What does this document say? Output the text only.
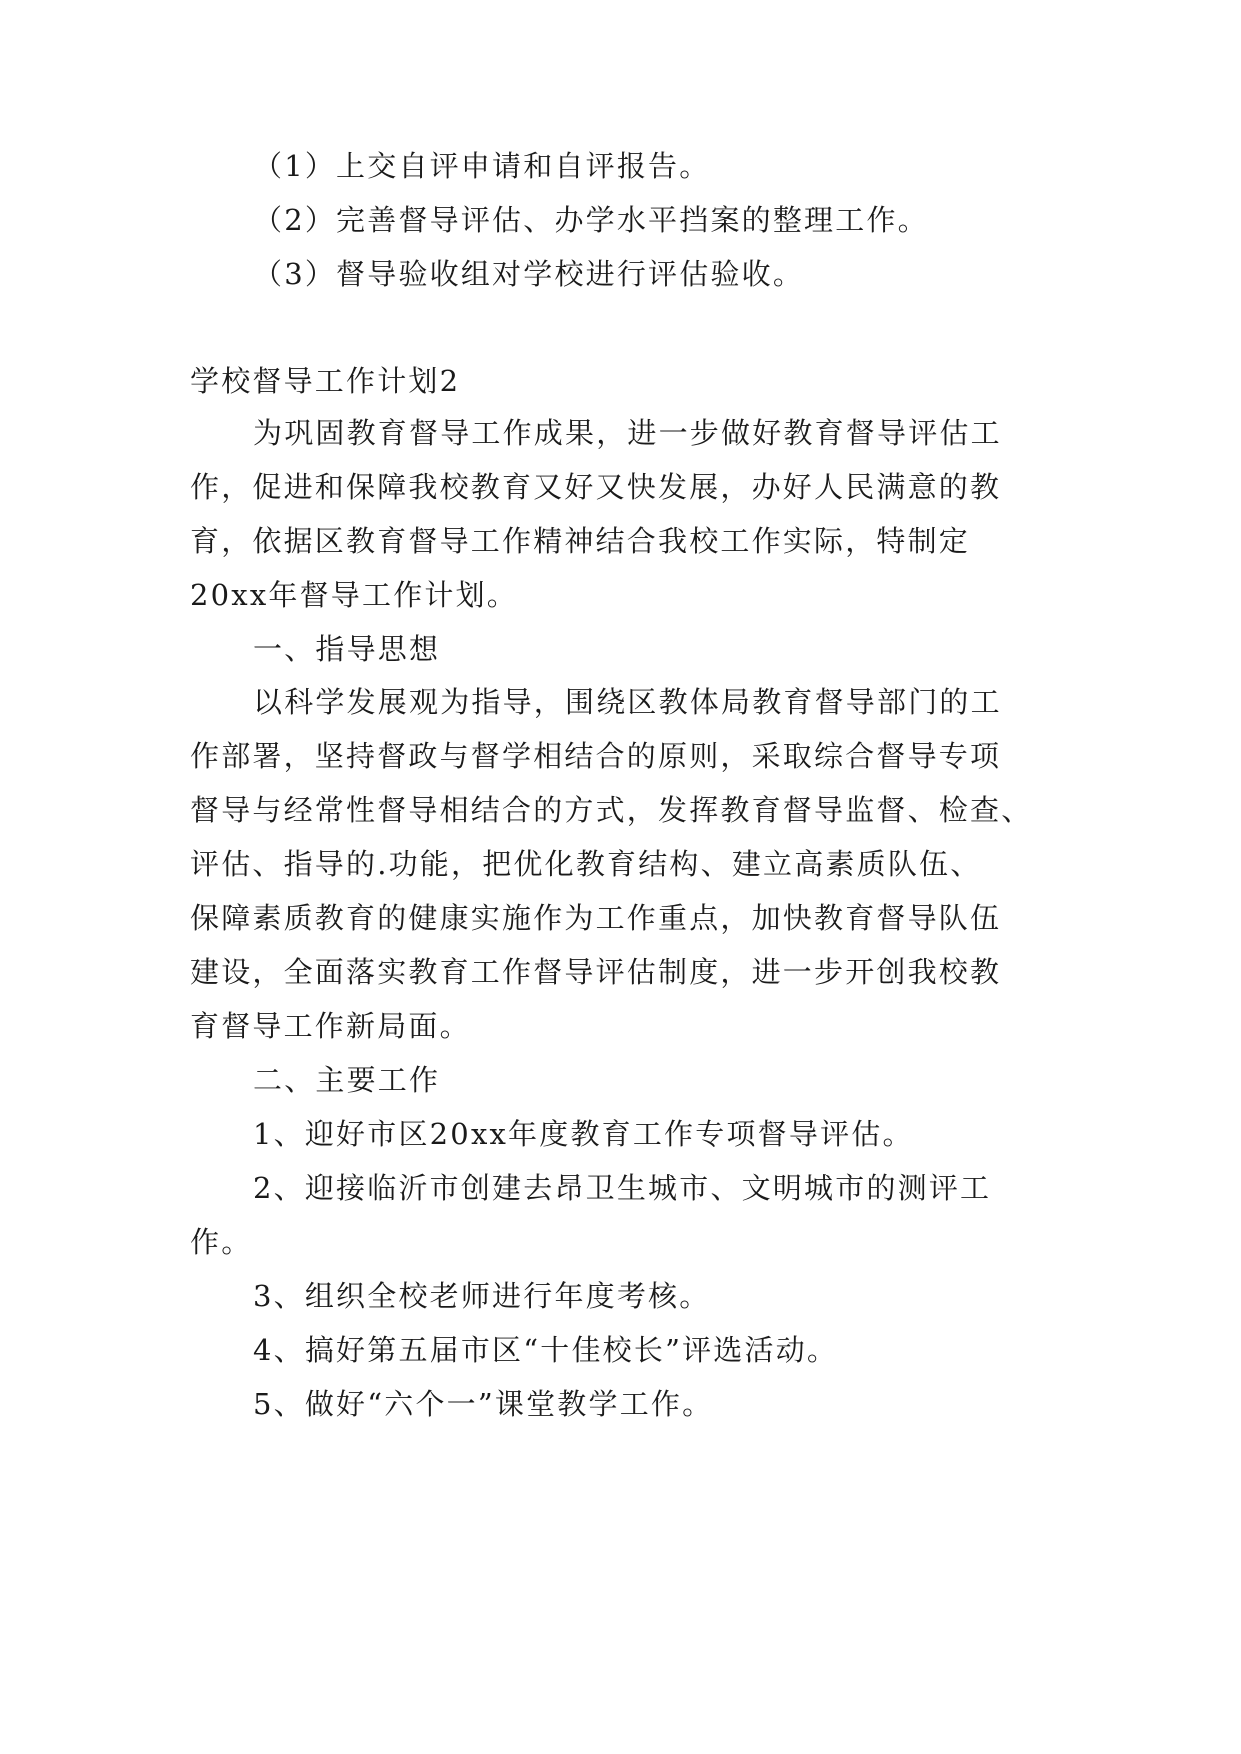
（1）上交自评申请和自评报告。

（2）完善督导评估、办学水平挡案的整理工作。

（3）督导验收组对学校进行评估验收。

学校督导工作计划2

为巩固教育督导工作成果，进一步做好教育督导评估工

作，促进和保障我校教育又好又快发展，办好人民满意的教

育，依据区教育督导工作精神结合我校工作实际，特制定

20xx年督导工作计划。

一、指导思想

以科学发展观为指导，围绕区教体局教育督导部门的工

作部署，坚持督政与督学相结合的原则，采取综合督导专项

督导与经常性督导相结合的方式，发挥教育督导监督、检查、

评估、指导的.功能，把优化教育结构、建立高素质队伍、

保障素质教育的健康实施作为工作重点，加快教育督导队伍

建设，全面落实教育工作督导评估制度，进一步开创我校教

育督导工作新局面。

二、主要工作

1、迎好市区20xx年度教育工作专项督导评估。

2、迎接临沂市创建去昂卫生城市、文明城市的测评工

作。

3、组织全校老师进行年度考核。

4、搞好第五届市区“十佳校长”评选活动。

5、做好“六个一”课堂教学工作。
